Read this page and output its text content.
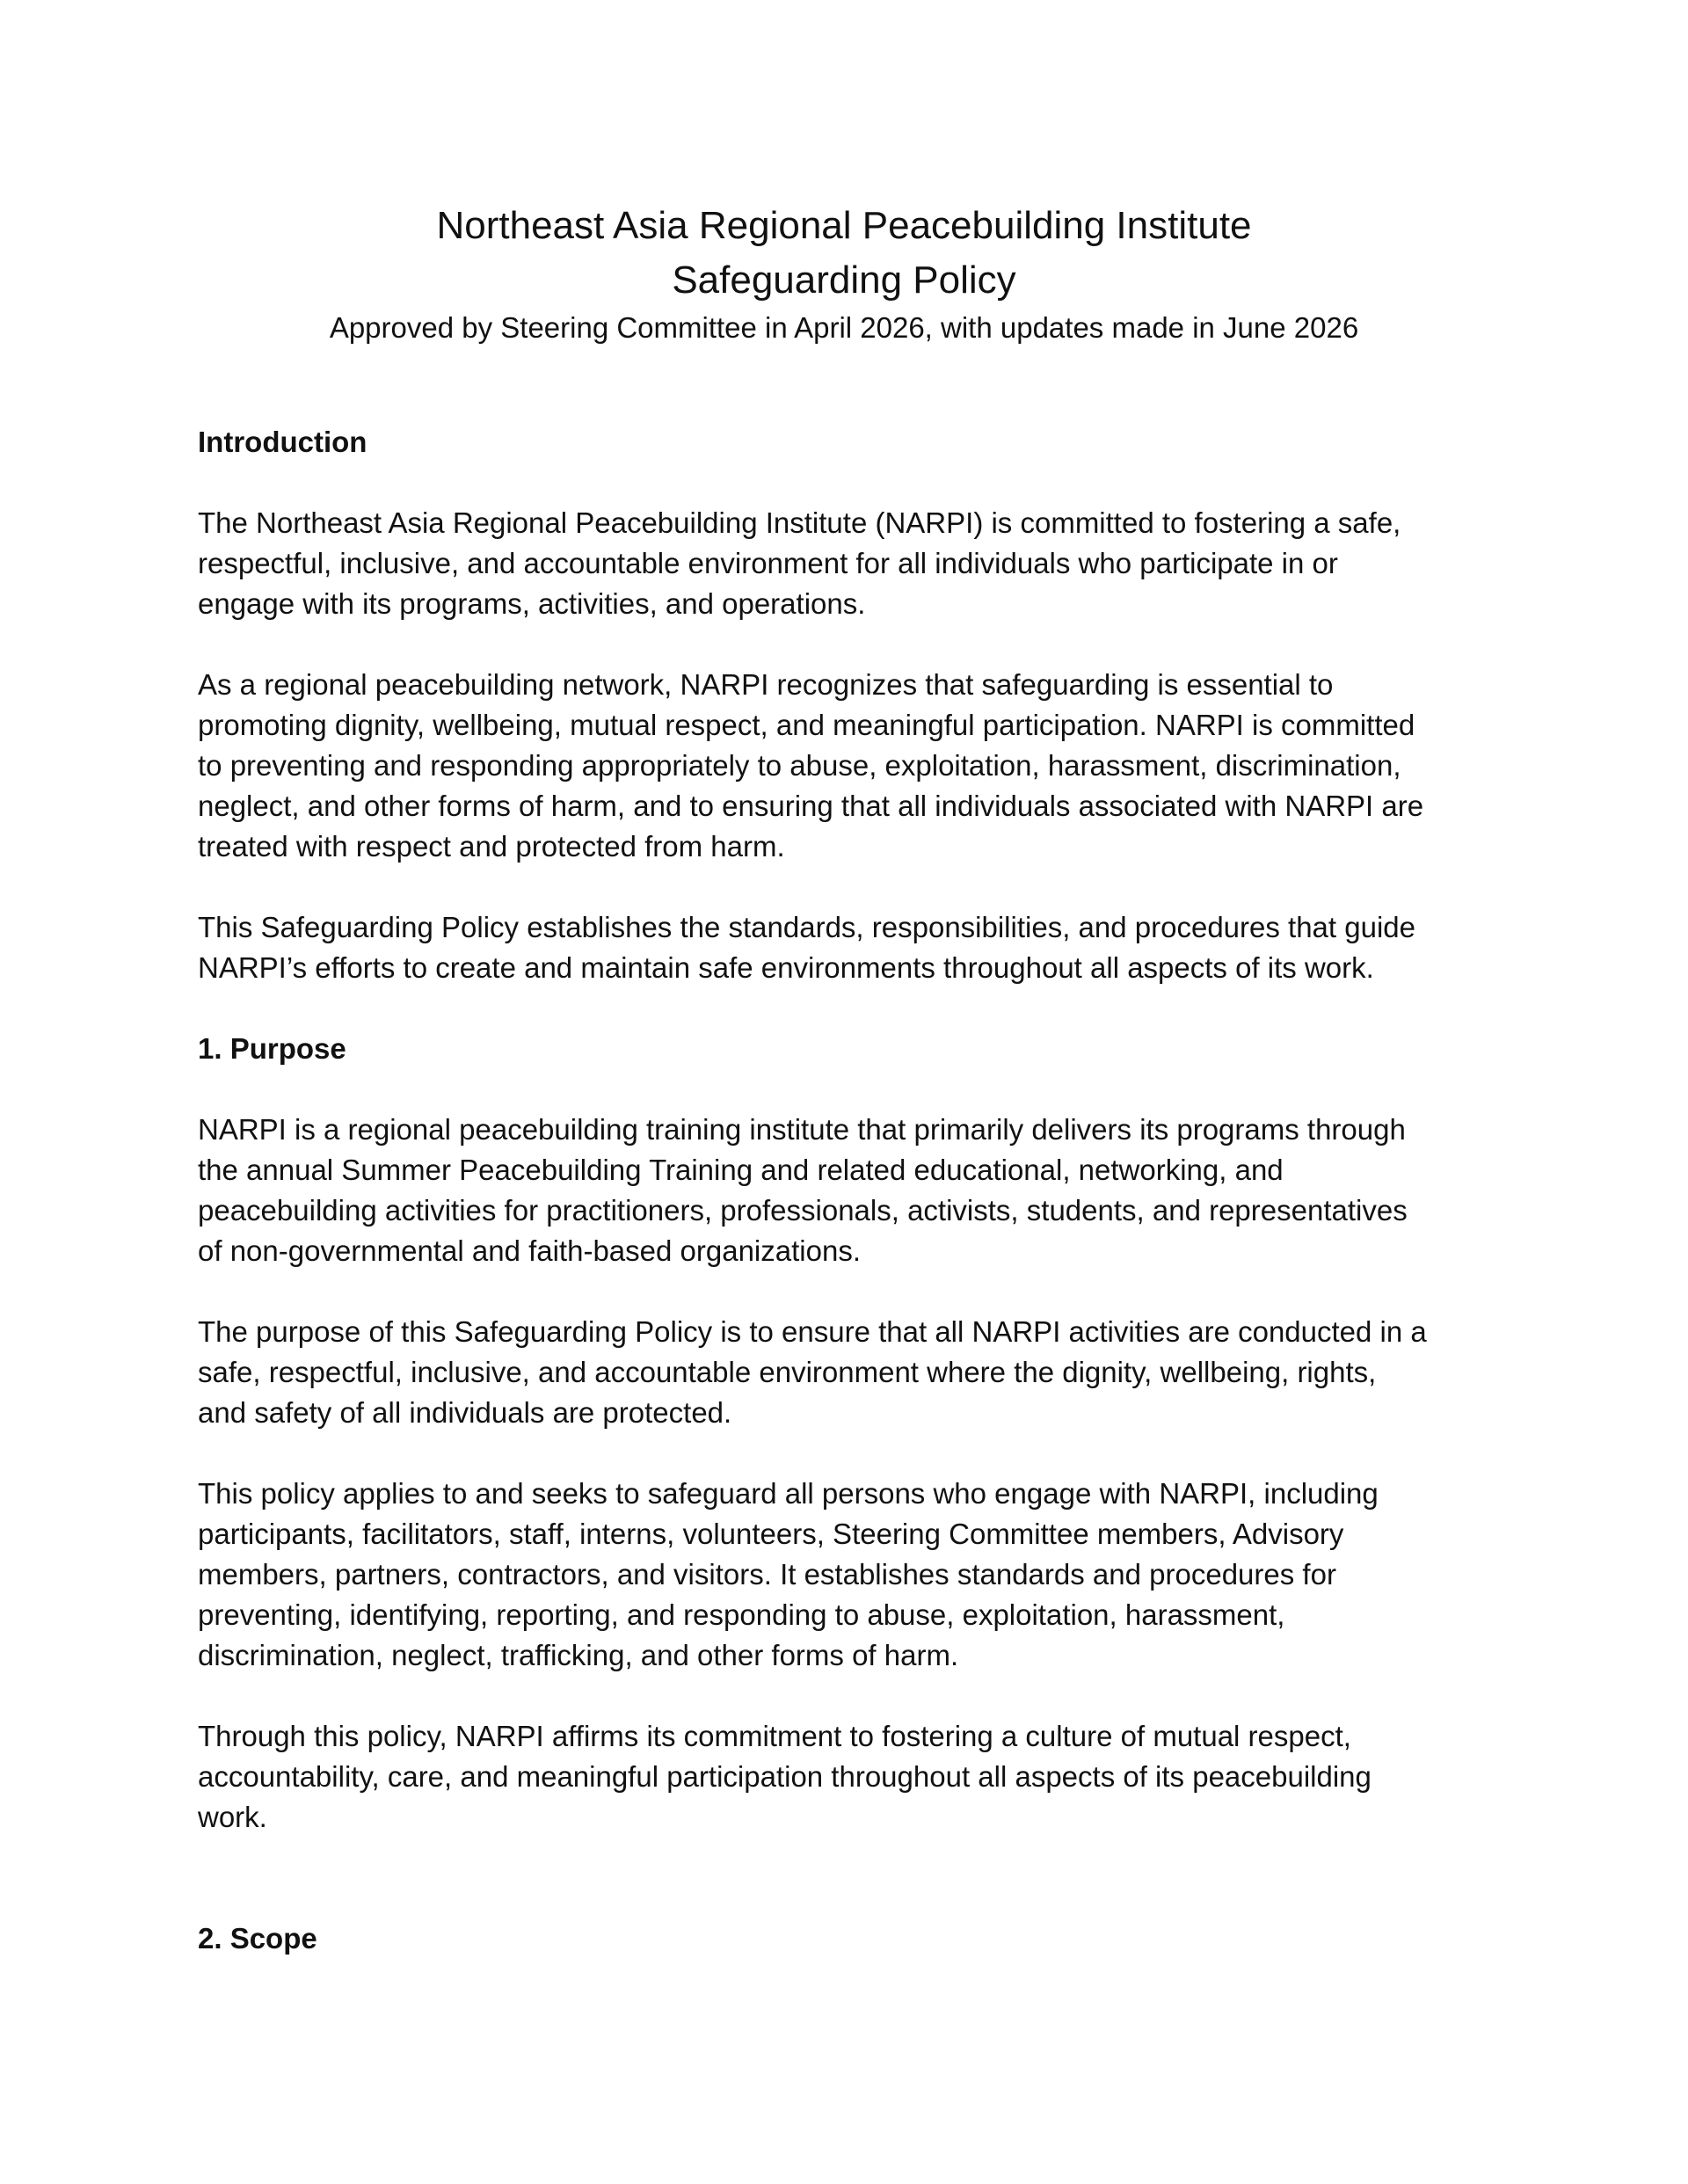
Northeast Asia Regional Peacebuilding Institute

Safeguarding Policy

Approved by Steering Committee in April 2026, with updates made in June 2026

Introduction

The Northeast Asia Regional Peacebuilding Institute (NARPI) is committed to fostering a safe,
respectful, inclusive, and accountable environment for all individuals who participate in or
engage with its programs, activities, and operations.

As a regional peacebuilding network, NARPI recognizes that safeguarding is essential to
promoting dignity, wellbeing, mutual respect, and meaningful participation. NARPI is committed
to preventing and responding appropriately to abuse, exploitation, harassment, discrimination,
neglect, and other forms of harm, and to ensuring that all individuals associated with NARPI are
treated with respect and protected from harm.

This Safeguarding Policy establishes the standards, responsibilities, and procedures that guide
NARPI’s efforts to create and maintain safe environments throughout all aspects of its work.

1. Purpose

NARPI is a regional peacebuilding training institute that primarily delivers its programs through
the annual Summer Peacebuilding Training and related educational, networking, and
peacebuilding activities for practitioners, professionals, activists, students, and representatives
of non-governmental and faith-based organizations.

The purpose of this Safeguarding Policy is to ensure that all NARPI activities are conducted in a
safe, respectful, inclusive, and accountable environment where the dignity, wellbeing, rights,
and safety of all individuals are protected.

This policy applies to and seeks to safeguard all persons who engage with NARPI, including
participants, facilitators, staff, interns, volunteers, Steering Committee members, Advisory
members, partners, contractors, and visitors. It establishes standards and procedures for
preventing, identifying, reporting, and responding to abuse, exploitation, harassment,
discrimination, neglect, trafficking, and other forms of harm.

Through this policy, NARPI affirms its commitment to fostering a culture of mutual respect,
accountability, care, and meaningful participation throughout all aspects of its peacebuilding
work.

2. Scope
